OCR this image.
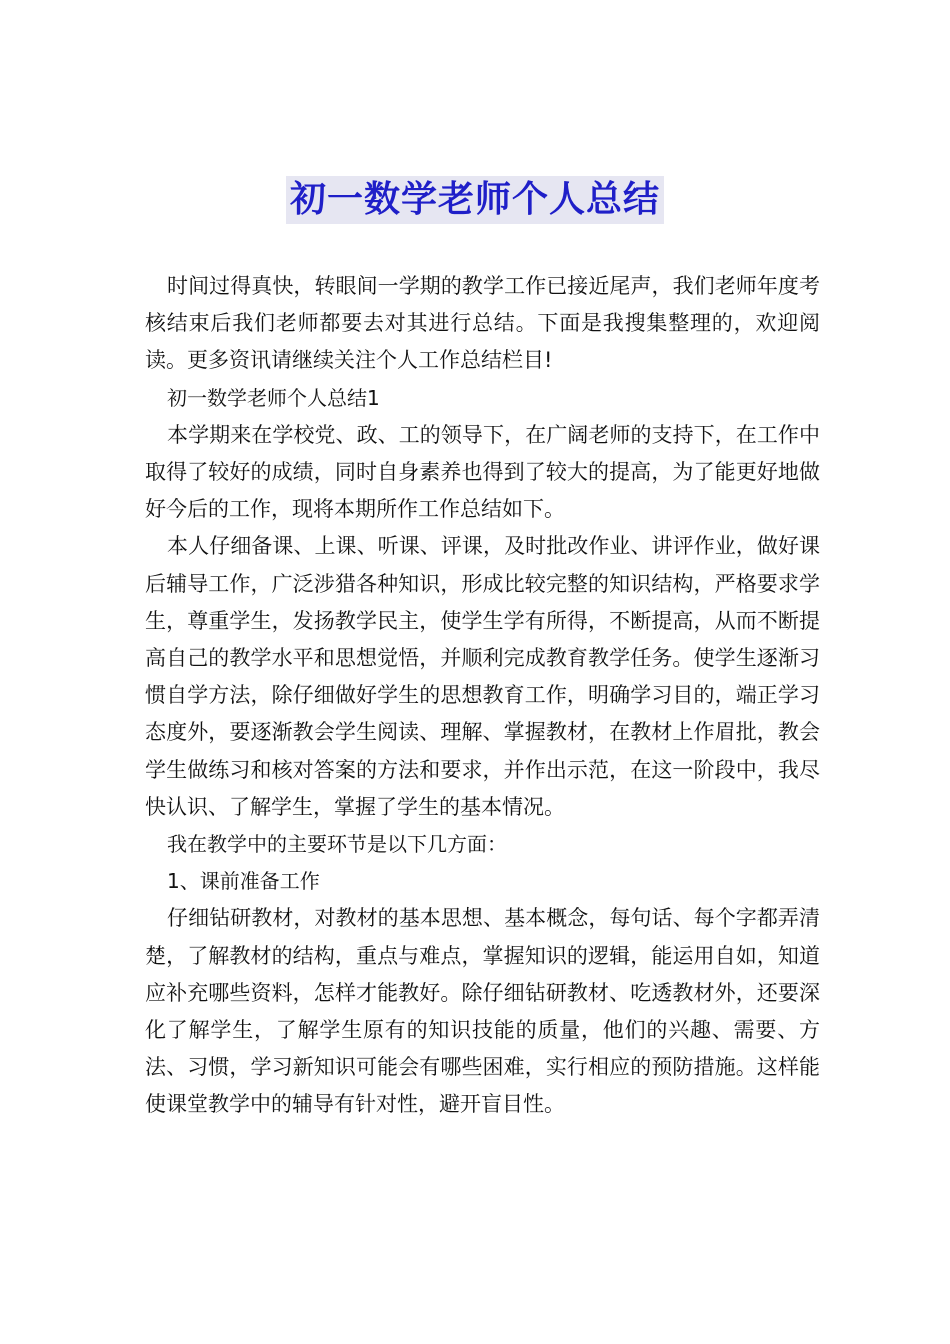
初一数学老师个人总结

时间过得真快，转眼间一学期的教学工作已接近尾声，我们老师年度考核结束后我们老师都要去对其进行总结。下面是我搜集整理的，欢迎阅读。更多资讯请继续关注个人工作总结栏目!

初一数学老师个人总结1

本学期来在学校党、政、工的领导下，在广阔老师的支持下，在工作中取得了较好的成绩，同时自身素养也得到了较大的提高，为了能更好地做好今后的工作，现将本期所作工作总结如下。

本人仔细备课、上课、听课、评课，及时批改作业、讲评作业，做好课后辅导工作，广泛涉猎各种知识，形成比较完整的知识结构，严格要求学生，尊重学生，发扬教学民主，使学生学有所得，不断提高，从而不断提高自己的教学水平和思想觉悟，并顺利完成教育教学任务。使学生逐渐习惯自学方法，除仔细做好学生的思想教育工作，明确学习目的，端正学习态度外，要逐渐教会学生阅读、理解、掌握教材，在教材上作眉批，教会学生做练习和核对答案的方法和要求，并作出示范，在这一阶段中，我尽快认识、了解学生，掌握了学生的基本情况。

我在教学中的主要环节是以下几方面：

1、课前准备工作

仔细钻研教材，对教材的基本思想、基本概念，每句话、每个字都弄清楚，了解教材的结构，重点与难点，掌握知识的逻辑，能运用自如，知道应补充哪些资料，怎样才能教好。除仔细钻研教材、吃透教材外，还要深化了解学生，了解学生原有的知识技能的质量，他们的兴趣、需要、方法、习惯，学习新知识可能会有哪些困难，实行相应的预防措施。这样能使课堂教学中的辅导有针对性，避开盲目性。
